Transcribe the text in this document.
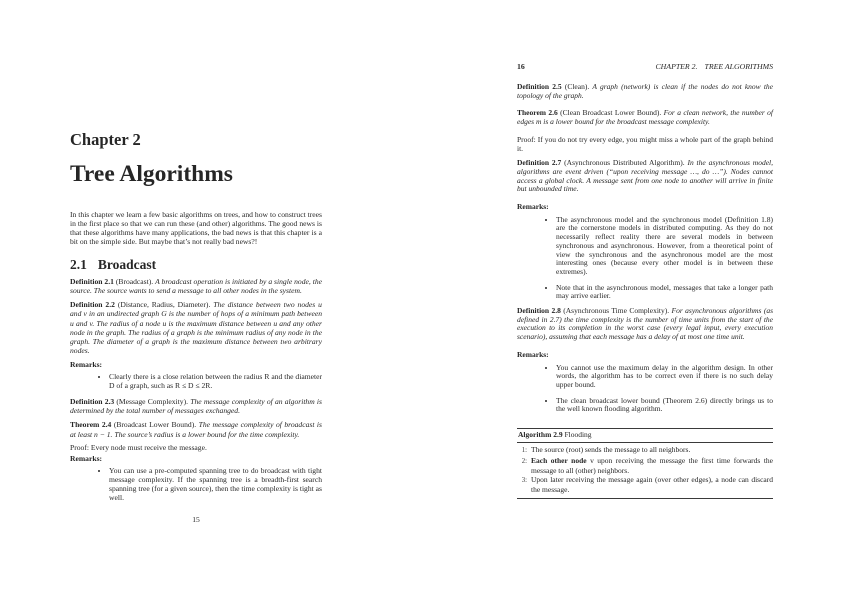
Chapter 2
Tree Algorithms

In this chapter we learn a few basic algorithms on trees, and how to construct trees in the first place so that we can run these (and other) algorithms. The good news is that these algorithms have many applications, the bad news is that this chapter is a bit on the simple side. But maybe that’s not really bad news?!

2.1 Broadcast

Definition 2.1 (Broadcast). A broadcast operation is initiated by a single node, the source. The source wants to send a message to all other nodes in the system.

Definition 2.2 (Distance, Radius, Diameter). The distance between two nodes u and v in an undirected graph G is the number of hops of a minimum path between u and v. The radius of a node u is the maximum distance between u and any other node in the graph. The radius of a graph is the minimum radius of any node in the graph. The diameter of a graph is the maximum distance between two arbitrary nodes.

Remarks:

• Clearly there is a close relation between the radius R and the diameter D of a graph, such as R ≤ D ≤ 2R.

Definition 2.3 (Message Complexity). The message complexity of an algorithm is determined by the total number of messages exchanged.

Theorem 2.4 (Broadcast Lower Bound). The message complexity of broadcast is at least n − 1. The source’s radius is a lower bound for the time complexity.

Proof: Every node must receive the message.

Remarks:

• You can use a pre-computed spanning tree to do broadcast with tight message complexity. If the spanning tree is a breadth-first search spanning tree (for a given source), then the time complexity is tight as well.
15
16	CHAPTER 2. TREE ALGORITHMS

Definition 2.5 (Clean). A graph (network) is clean if the nodes do not know the topology of the graph.

Theorem 2.6 (Clean Broadcast Lower Bound). For a clean network, the number of edges m is a lower bound for the broadcast message complexity.

Proof: If you do not try every edge, you might miss a whole part of the graph behind it.

Definition 2.7 (Asynchronous Distributed Algorithm). In the asynchronous model, algorithms are event driven (“upon receiving message …, do …”). Nodes cannot access a global clock. A message sent from one node to another will arrive in finite but unbounded time.

Remarks:

• The asynchronous model and the synchronous model (Definition 1.8) are the cornerstone models in distributed computing. As they do not necessarily reflect reality there are several models in between synchronous and asynchronous. However, from a theoretical point of view the synchronous and the asynchronous model are the most interesting ones (because every other model is in between these extremes).
• Note that in the asynchronous model, messages that take a longer path may arrive earlier.

Definition 2.8 (Asynchronous Time Complexity). For asynchronous algorithms (as defined in 2.7) the time complexity is the number of time units from the start of the execution to its completion in the worst case (every legal input, every execution scenario), assuming that each message has a delay of at most one time unit.

Remarks:

• You cannot use the maximum delay in the algorithm design. In other words, the algorithm has to be correct even if there is no such delay upper bound.
• The clean broadcast lower bound (Theorem 2.6) directly brings us to the well known flooding algorithm.
Algorithm 2.9 Flooding
1: The source (root) sends the message to all neighbors.
2: Each other node v upon receiving the message the first time forwards the message to all (other) neighbors.
3: Upon later receiving the message again (over other edges), a node can discard the message.
